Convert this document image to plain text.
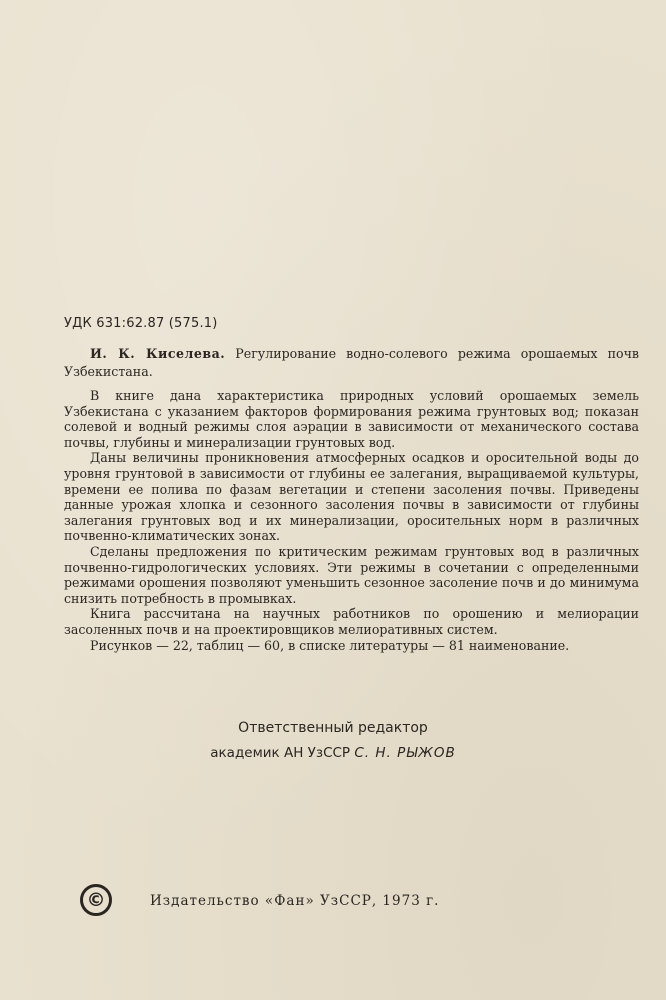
УДК 631:62.87 (575.1)
И. К. Киселева. Регулирование водно-солевого режима орошаемых почв Узбекистана.

В книге дана характеристика природных условий орошаемых земель Узбекистана с указанием факторов формирования режима грунтовых вод; показан солевой и водный режимы слоя аэрации в зависимости от механического состава почвы, глубины и минерализации грунтовых вод.

Даны величины проникновения атмосферных осадков и оросительной воды до уровня грунтовой в зависимости от глубины ее залегания, выращиваемой культуры, времени ее полива по фазам вегетации и степени засоления почвы. Приведены данные урожая хлопка и сезонного засоления почвы в зависимости от глубины залегания грунтовых вод и их минерализации, оросительных норм в различных почвенно-климатических зонах.

Сделаны предложения по критическим режимам грунтовых вод в различных почвенно-гидрологических условиях. Эти режимы в сочетании с определенными режимами орошения позволяют уменьшить сезонное засоление почв и до минимума снизить потребность в промывках.

Книга рассчитана на научных работников по орошению и мелиорации засоленных почв и на проектировщиков мелиоративных систем.

Рисунков — 22, таблиц — 60, в списке литературы — 81 наименование.

Ответственный редактор
академик АН УзССР С. Н. РЫЖОВ
©	Издательство «Фан» УзССР, 1973 г.
